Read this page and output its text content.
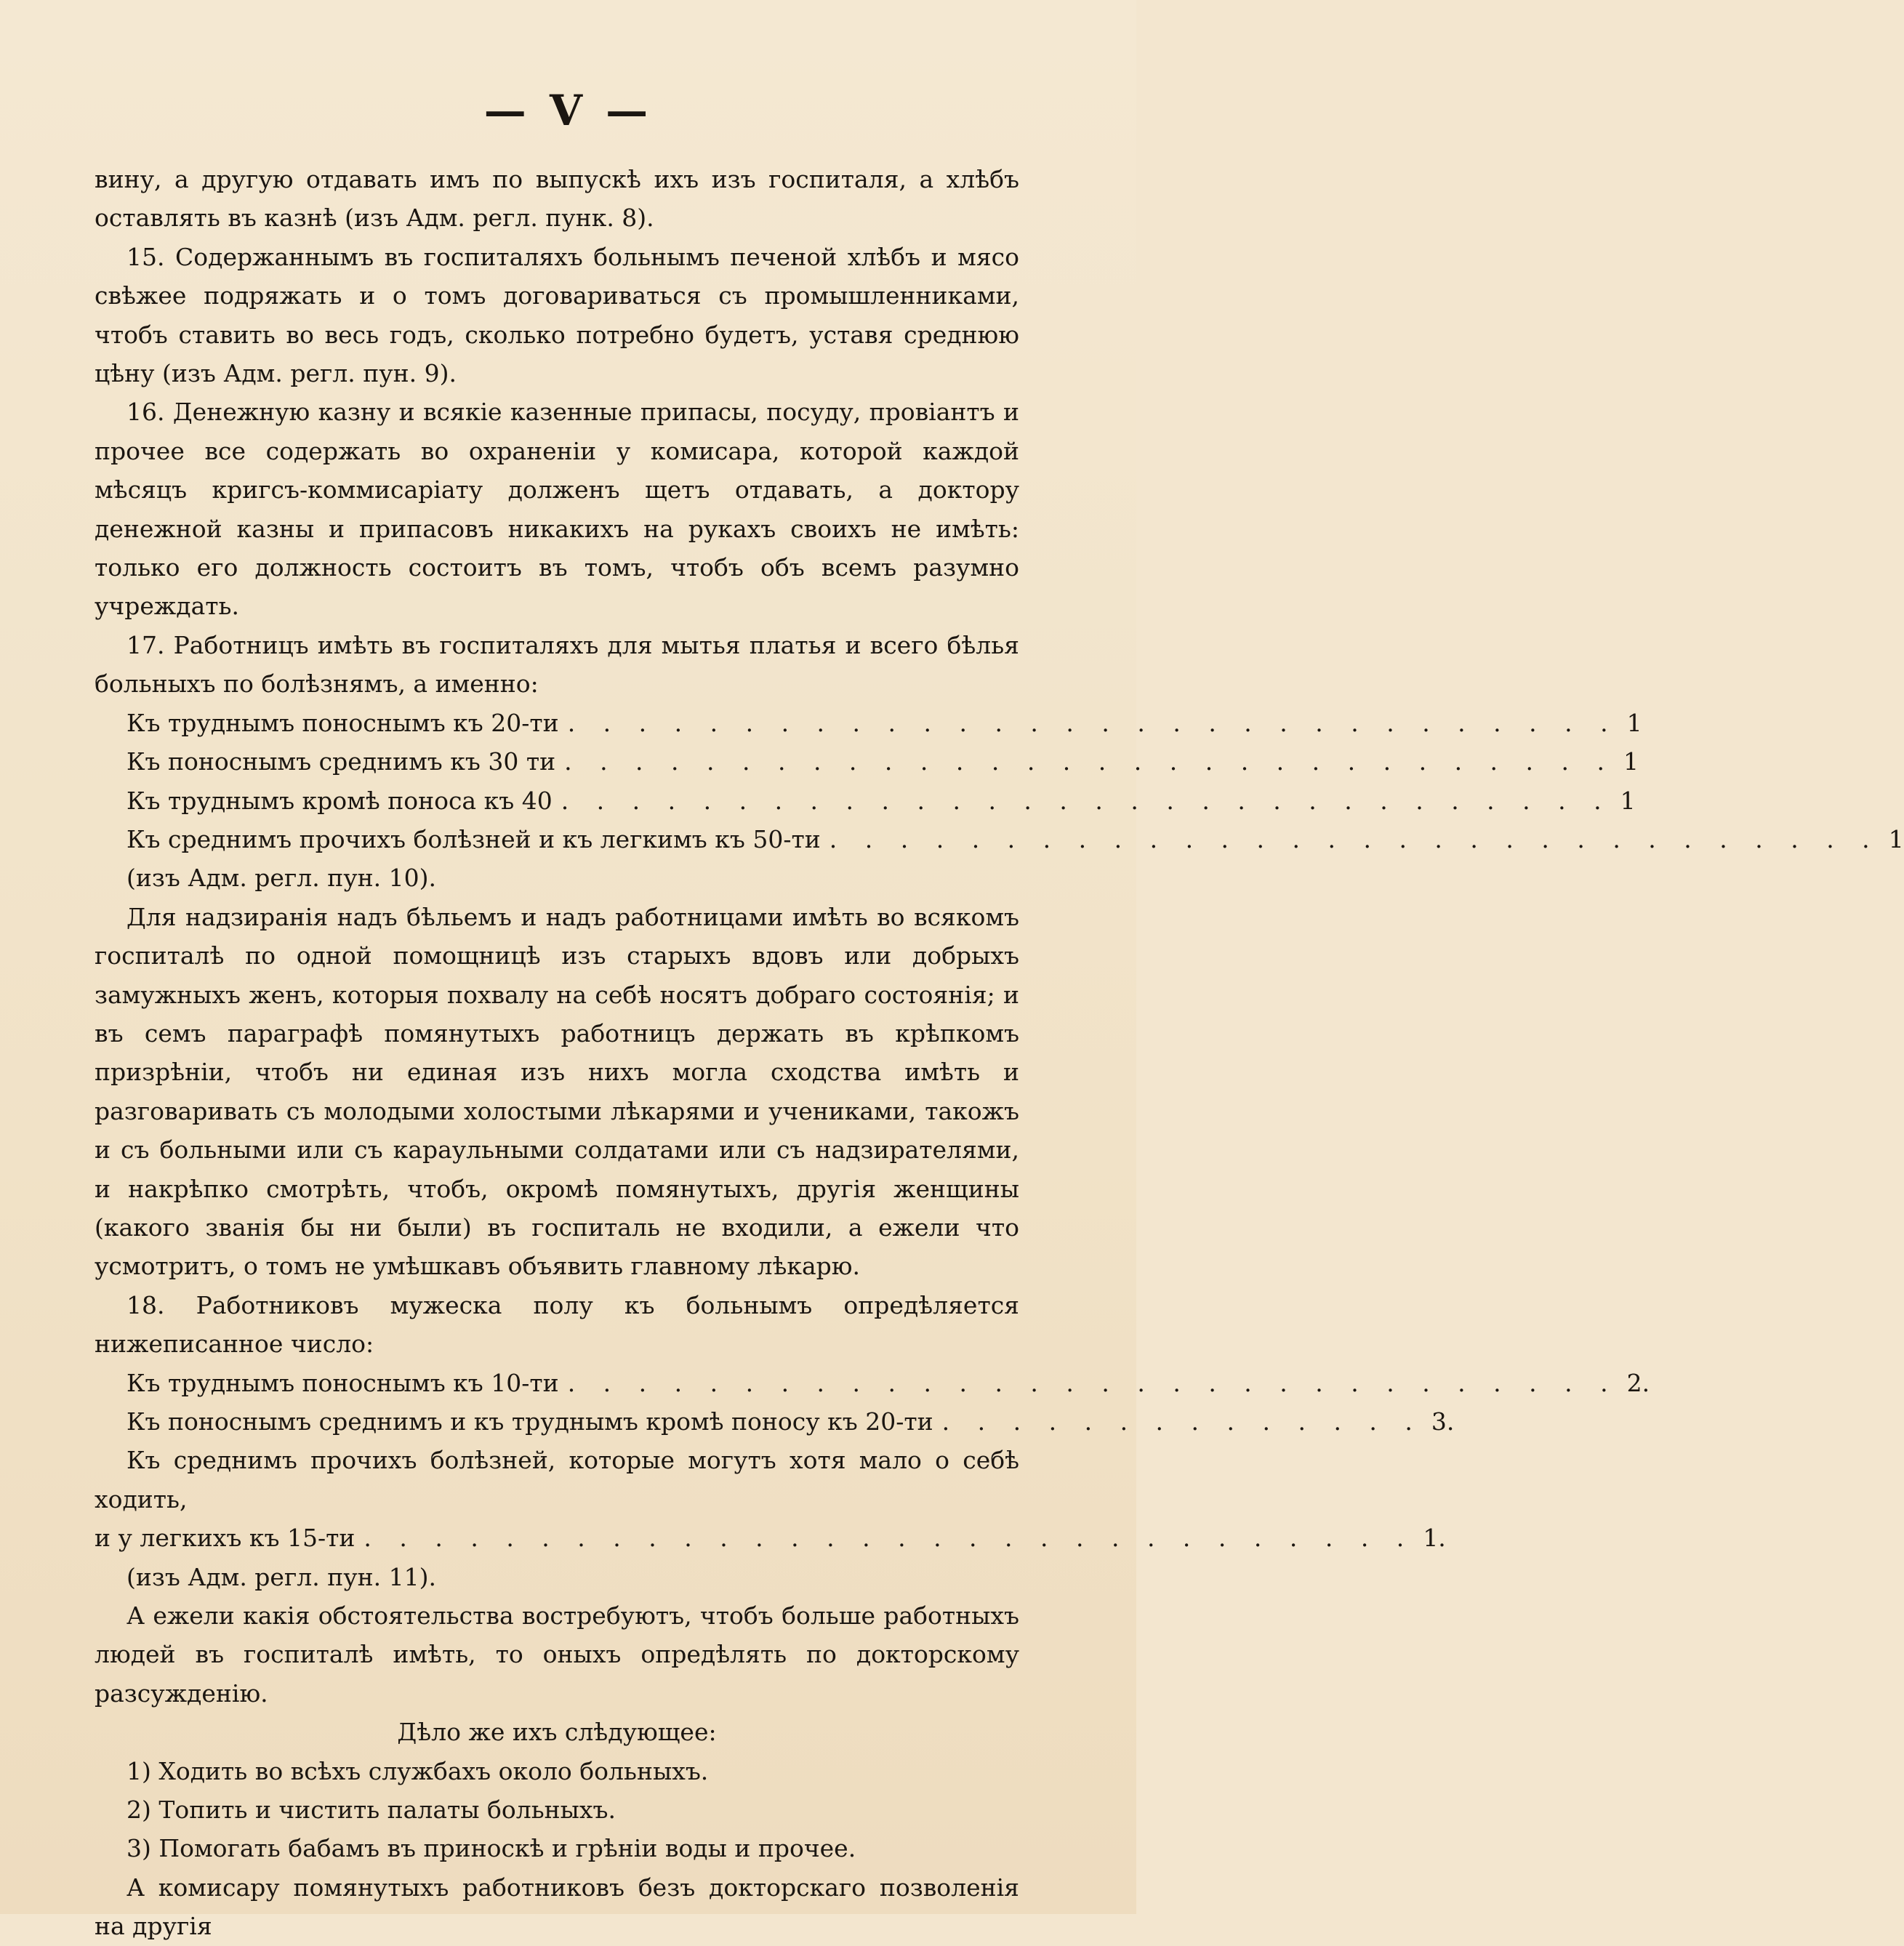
— V —

вину, а другую отдавать имъ по выпускѣ ихъ изъ госпиталя, а хлѣбъ оставлять въ казнѣ (изъ Адм. регл. пунк. 8).

15. Содержаннымъ въ госпиталяхъ больнымъ печеной хлѣбъ и мясо свѣжее подряжать и о томъ договариваться съ промышленниками, чтобъ ставить во весь годъ, сколько потребно будетъ, уставя среднюю цѣну (изъ Адм. регл. пун. 9).

16. Денежную казну и всякіе казенные припасы, посуду, провіантъ и прочее все содержать во охраненіи у комисара, которой каждой мѣсяцъ кригсъ-коммисаріату долженъ щетъ отдавать, а доктору денежной казны и припасовъ никакихъ на рукахъ своихъ не имѣть: только его должность состоитъ въ томъ, чтобъ объ всемъ разумно учреждать.

17. Работницъ имѣть въ госпиталяхъ для мытья платья и всего бѣлья больныхъ по болѣзнямъ, а именно:

Къ труднымъ поноснымъ къ 20-ти . . . . . . . . . . . . . . . . . . . . . . . . . . . . . . 1
Къ поноснымъ среднимъ къ 30 ти . . . . . . . . . . . . . . . . . . . . . . . . . . . . . . 1
Къ труднымъ кромѣ поноса къ 40 . . . . . . . . . . . . . . . . . . . . . . . . . . . . . . 1
Къ среднимъ прочихъ болѣзней и къ легкимъ къ 50-ти . . . . . . . . . . . . . . . . . . . . . . . . . . . . . . 1

(изъ Адм. регл. пун. 10).

Для надзиранія надъ бѣльемъ и надъ работницами имѣть во всякомъ госпиталѣ по одной помощницѣ изъ старыхъ вдовъ или добрыхъ замужныхъ женъ, которыя похвалу на себѣ носятъ добраго состоянія; и въ семъ параграфѣ помянутыхъ работницъ держать въ крѣпкомъ призрѣніи, чтобъ ни единая изъ нихъ могла сходства имѣть и разговаривать съ молодыми холостыми лѣкарями и учениками, такожъ и съ больными или съ караульными солдатами или съ надзирателями, и накрѣпко смотрѣть, чтобъ, окромѣ помянутыхъ, другія женщины (какого званія бы ни были) въ госпиталь не входили, а ежели что усмотритъ, о томъ не умѣшкавъ объявить главному лѣкарю.

18. Работниковъ мужеска полу къ больнымъ опредѣляется нижеписанное число:

Къ труднымъ поноснымъ къ 10-ти . . . . . . . . . . . . . . . . . . . . . . . . . . . . . . 2.
Къ поноснымъ среднимъ и къ труднымъ кромѣ поносу къ 20-ти . . . . . . . . . . . . . . 3.

Къ среднимъ прочихъ болѣзней, которые могутъ хотя мало о себѣ ходить,

и у легкихъ къ 15-ти . . . . . . . . . . . . . . . . . . . . . . . . . . . . . . 1.

(изъ Адм. регл. пун. 11).

А ежели какія обстоятельства востребуютъ, чтобъ больше работныхъ людей въ госпиталѣ имѣть, то оныхъ опредѣлять по докторскому разсужденію.

Дѣло же ихъ слѣдующее:

1) Ходить во всѣхъ службахъ около больныхъ.

2) Топить и чистить палаты больныхъ.

3) Помогать бабамъ въ приноскѣ и грѣніи воды и прочее.

А комисару помянутыхъ работниковъ безъ докторскаго позволенія на другія
